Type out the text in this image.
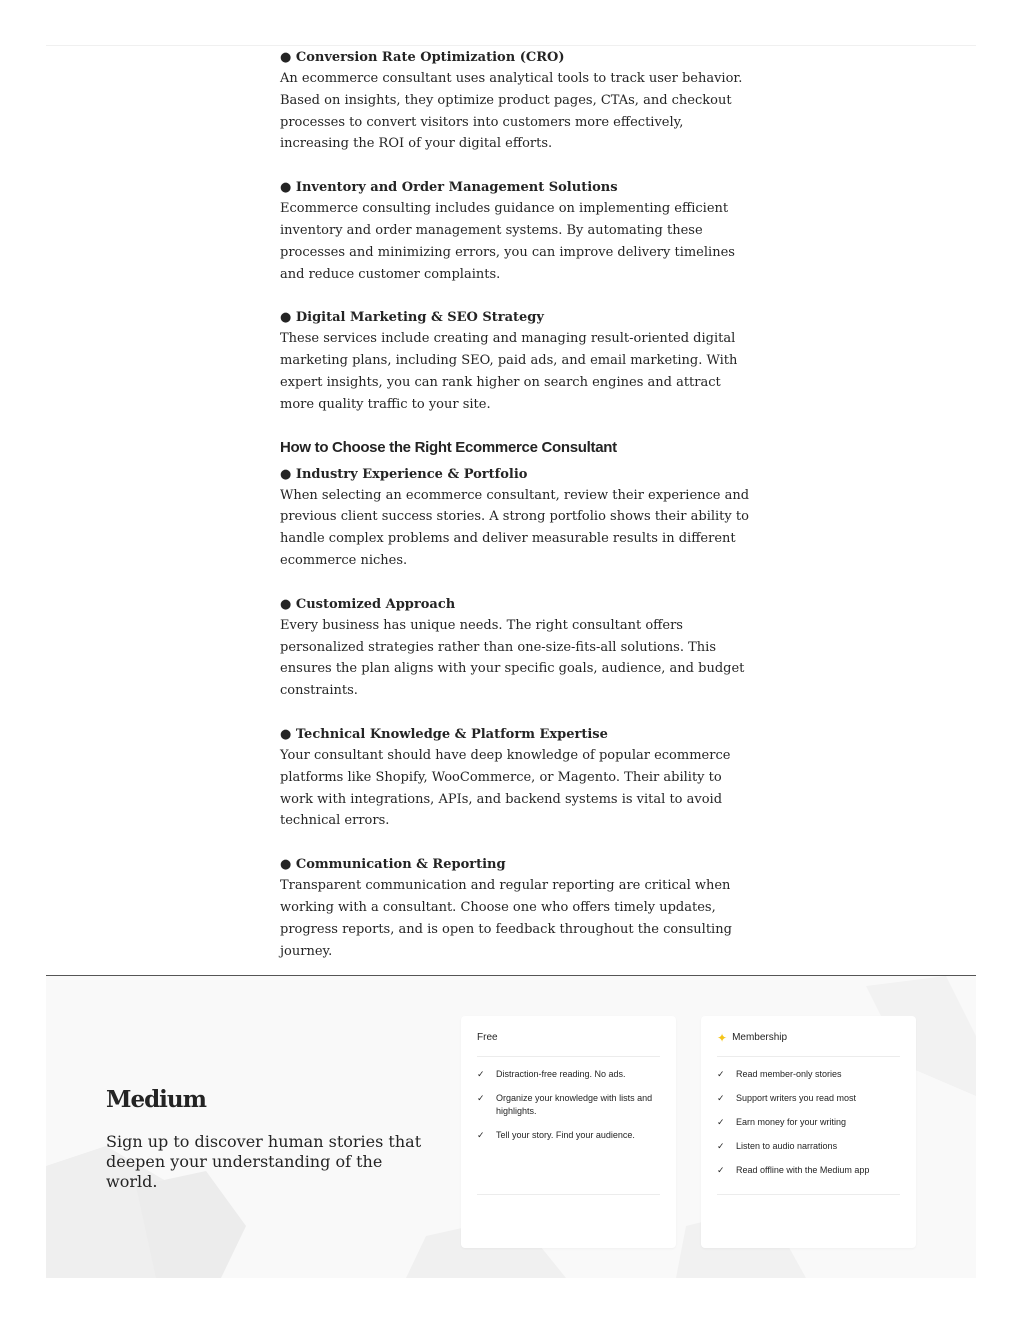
● Conversion Rate Optimization (CRO)

An ecommerce consultant uses analytical tools to track user behavior. Based on insights, they optimize product pages, CTAs, and checkout processes to convert visitors into customers more effectively, increasing the ROI of your digital efforts.

● Inventory and Order Management Solutions

Ecommerce consulting includes guidance on implementing efficient inventory and order management systems. By automating these processes and minimizing errors, you can improve delivery timelines and reduce customer complaints.

● Digital Marketing & SEO Strategy

These services include creating and managing result-oriented digital marketing plans, including SEO, paid ads, and email marketing. With expert insights, you can rank higher on search engines and attract more quality traffic to your site.

How to Choose the Right Ecommerce Consultant

● Industry Experience & Portfolio

When selecting an ecommerce consultant, review their experience and previous client success stories. A strong portfolio shows their ability to handle complex problems and deliver measurable results in different ecommerce niches.

● Customized Approach

Every business has unique needs. The right consultant offers personalized strategies rather than one-size-fits-all solutions. This ensures the plan aligns with your specific goals, audience, and budget constraints.

● Technical Knowledge & Platform Expertise

Your consultant should have deep knowledge of popular ecommerce platforms like Shopify, WooCommerce, or Magento. Their ability to work with integrations, APIs, and backend systems is vital to avoid technical errors.

● Communication & Reporting

Transparent communication and regular reporting are critical when working with a consultant. Choose one who offers timely updates, progress reports, and is open to feedback throughout the consulting journey.

Medium
Sign up to discover human stories that deepen your understanding of the world.
Free
✓	Distraction-free reading. No ads.
✓	Organize your knowledge with lists and highlights.
✓	Tell your story. Find your audience.
✦ Membership
✓	Read member-only stories
✓	Support writers you read most
✓	Earn money for your writing
✓	Listen to audio narrations
✓	Read offline with the Medium app
